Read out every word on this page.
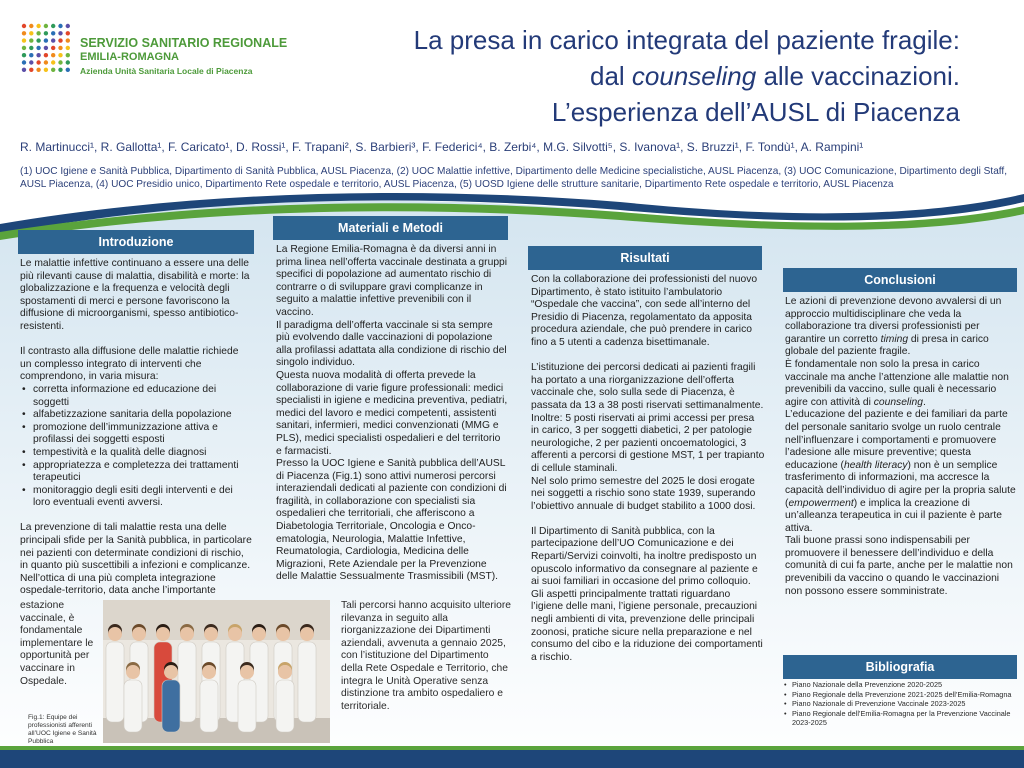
SERVIZIO SANITARIO REGIONALE
EMILIA-ROMAGNA
Azienda Unità Sanitaria Locale di Piacenza
La presa in carico integrata del paziente fragile:
dal counseling alle vaccinazioni.
L’esperienza dell’AUSL di Piacenza
R. Martinucci¹, R. Gallotta¹, F. Caricato¹, D. Rossi¹, F. Trapani², S. Barbieri³, F. Federici⁴, B. Zerbi⁴, M.G. Silvotti⁵, S. Ivanova¹, S. Bruzzi¹, F. Tondù¹, A. Rampini¹
(1) UOC Igiene e Sanità Pubblica, Dipartimento di Sanità Pubblica, AUSL Piacenza, (2) UOC Malattie infettive, Dipartimento delle Medicine specialistiche, AUSL Piacenza, (3) UOC Comunicazione, Dipartimento degli Staff, AUSL Piacenza, (4) UOC Presidio unico, Dipartimento Rete ospedale e territorio, AUSL Piacenza, (5) UOSD Igiene delle strutture sanitarie, Dipartimento Rete ospedale e territorio, AUSL Piacenza
Introduzione

Le malattie infettive continuano a essere una delle più rilevanti cause di malattia, disabilità e morte: la globalizzazione e la frequenza e velocità degli spostamenti di merci e persone favoriscono la diffusione di microorganismi, spesso antibiotico-resistenti.

Il contrasto alla diffusione delle malattie richiede un complesso integrato di interventi che comprendono, in varia misura:

• corretta informazione ed educazione dei soggetti
• alfabetizzazione sanitaria della popolazione
• promozione dell’immunizzazione attiva e profilassi dei soggetti esposti
• tempestività e la qualità delle diagnosi
• appropriatezza e completezza dei trattamenti terapeutici
• monitoraggio degli esiti degli interventi e dei loro eventuali eventi avversi.

La prevenzione di tali malattie resta una delle principali sfide per la Sanità pubblica, in particolare nei pazienti con determinate condizioni di rischio, in quanto più suscettibili a infezioni e complicanze.

Nell’ottica di una più completa integrazione ospedale-territorio, data anche l’importante

estazione vaccinale, è fondamentale implementare le opportunità per vaccinare in Ospedale.
Fig.1: Equipe dei professionisti afferenti all’UOC Igiene e Sanità Pubblica
Materiali e Metodi

La Regione Emilia-Romagna è da diversi anni in prima linea nell’offerta vaccinale destinata a gruppi specifici di popolazione ad aumentato rischio di contrarre o di sviluppare gravi complicanze in seguito a malattie infettive prevenibili con il vaccino.

Il paradigma dell’offerta vaccinale si sta sempre più evolvendo dalle vaccinazioni di popolazione alla profilassi adattata alla condizione di rischio del singolo individuo.

Questa nuova modalità di offerta prevede la collaborazione di varie figure professionali: medici specialisti in igiene e medicina preventiva, pediatri, medici del lavoro e medici competenti, assistenti sanitari, infermieri, medici convenzionati (MMG e PLS), medici specialisti ospedalieri e del territorio e farmacisti.

Presso la UOC Igiene e Sanità pubblica dell’AUSL di Piacenza (Fig.1) sono attivi numerosi percorsi interaziendali dedicati al paziente con condizioni di fragilità, in collaborazione con specialisti sia ospedalieri che territoriali, che afferiscono a Diabetologia Territoriale, Oncologia e Onco-ematologia, Neurologia, Malattie Infettive, Reumatologia, Cardiologia, Medicina delle Migrazioni, Rete Aziendale per la Prevenzione delle Malattie Sessualmente Trasmissibili (MST).

Tali percorsi hanno acquisito ulteriore rilevanza in seguito alla riorganizzazione dei Dipartimenti aziendali, avvenuta a gennaio 2025, con l’istituzione del Dipartimento della Rete Ospedale e Territorio, che integra le Unità Operative senza distinzione tra ambito ospedaliero e territoriale.
Risultati

Con la collaborazione dei professionisti del nuovo Dipartimento, è stato istituito l’ambulatorio “Ospedale che vaccina”, con sede all’interno del Presidio di Piacenza, regolamentato da apposita procedura aziendale, che può prendere in carico fino a 5 utenti a cadenza bisettimanale.

L’istituzione dei percorsi dedicati ai pazienti fragili ha portato a una riorganizzazione dell’offerta vaccinale che, solo sulla sede di Piacenza, è passata da 13 a 38 posti riservati settimanalmente.

Inoltre: 5 posti riservati ai primi accessi per presa in carico, 3 per soggetti diabetici, 2 per patologie neurologiche, 2 per pazienti oncoematologici, 3 afferenti a percorsi di gestione MST, 1 per trapianto di cellule staminali.

Nel solo primo semestre del 2025 le dosi erogate nei soggetti a rischio sono state 1939, superando l’obiettivo annuale di budget stabilito a 1000 dosi.

Il Dipartimento di Sanità pubblica, con la partecipazione dell’UO Comunicazione e dei Reparti/Servizi coinvolti, ha inoltre predisposto un opuscolo informativo da consegnare al paziente e ai suoi familiari in occasione del primo colloquio. Gli aspetti principalmente trattati riguardano l’igiene delle mani, l’igiene personale, precauzioni negli ambienti di vita, prevenzione delle principali zoonosi, pratiche sicure nella preparazione e nel consumo del cibo e la riduzione dei comportamenti a rischio.

Conclusioni

Le azioni di prevenzione devono avvalersi di un approccio multidisciplinare che veda la collaborazione tra diversi professionisti per garantire un corretto timing di presa in carico globale del paziente fragile.

È fondamentale non solo la presa in carico vaccinale ma anche l’attenzione alle malattie non prevenibili da vaccino, sulle quali è necessario agire con attività di counseling.

L’educazione del paziente e dei familiari da parte del personale sanitario svolge un ruolo centrale nell’influenzare i comportamenti e promuovere l’adesione alle misure preventive; questa educazione (health literacy) non è un semplice trasferimento di informazioni, ma accresce la capacità dell’individuo di agire per la propria salute (empowerment) e implica la creazione di un’alleanza terapeutica in cui il paziente è parte attiva.

Tali buone prassi sono indispensabili per promuovere il benessere dell’individuo e della comunità di cui fa parte, anche per le malattie non prevenibili da vaccino o quando le vaccinazioni non possono essere somministrate.

Bibliografia
• Piano Nazionale della Prevenzione 2020-2025
• Piano Regionale della Prevenzione 2021-2025 dell’Emilia-Romagna
• Piano Nazionale di Prevenzione Vaccinale 2023-2025
• Piano Regionale dell’Emilia-Romagna per la Prevenzione Vaccinale 2023-2025
